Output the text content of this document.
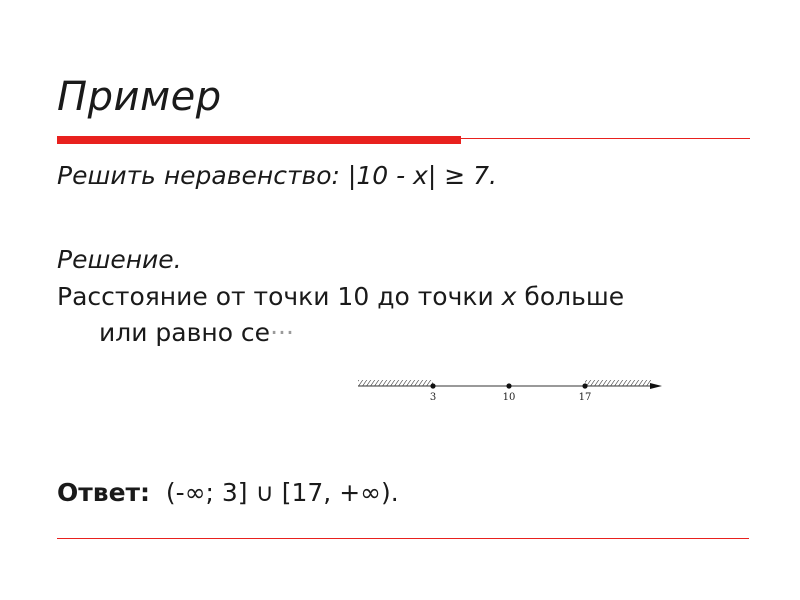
Пример
Решить неравенство: |10 - x| ≥ 7.
Решение.
Расстояние от точки 10 до точки x больше
или равно се···
3	10	17
Ответ: (-∞; 3] ∪ [17, +∞).
